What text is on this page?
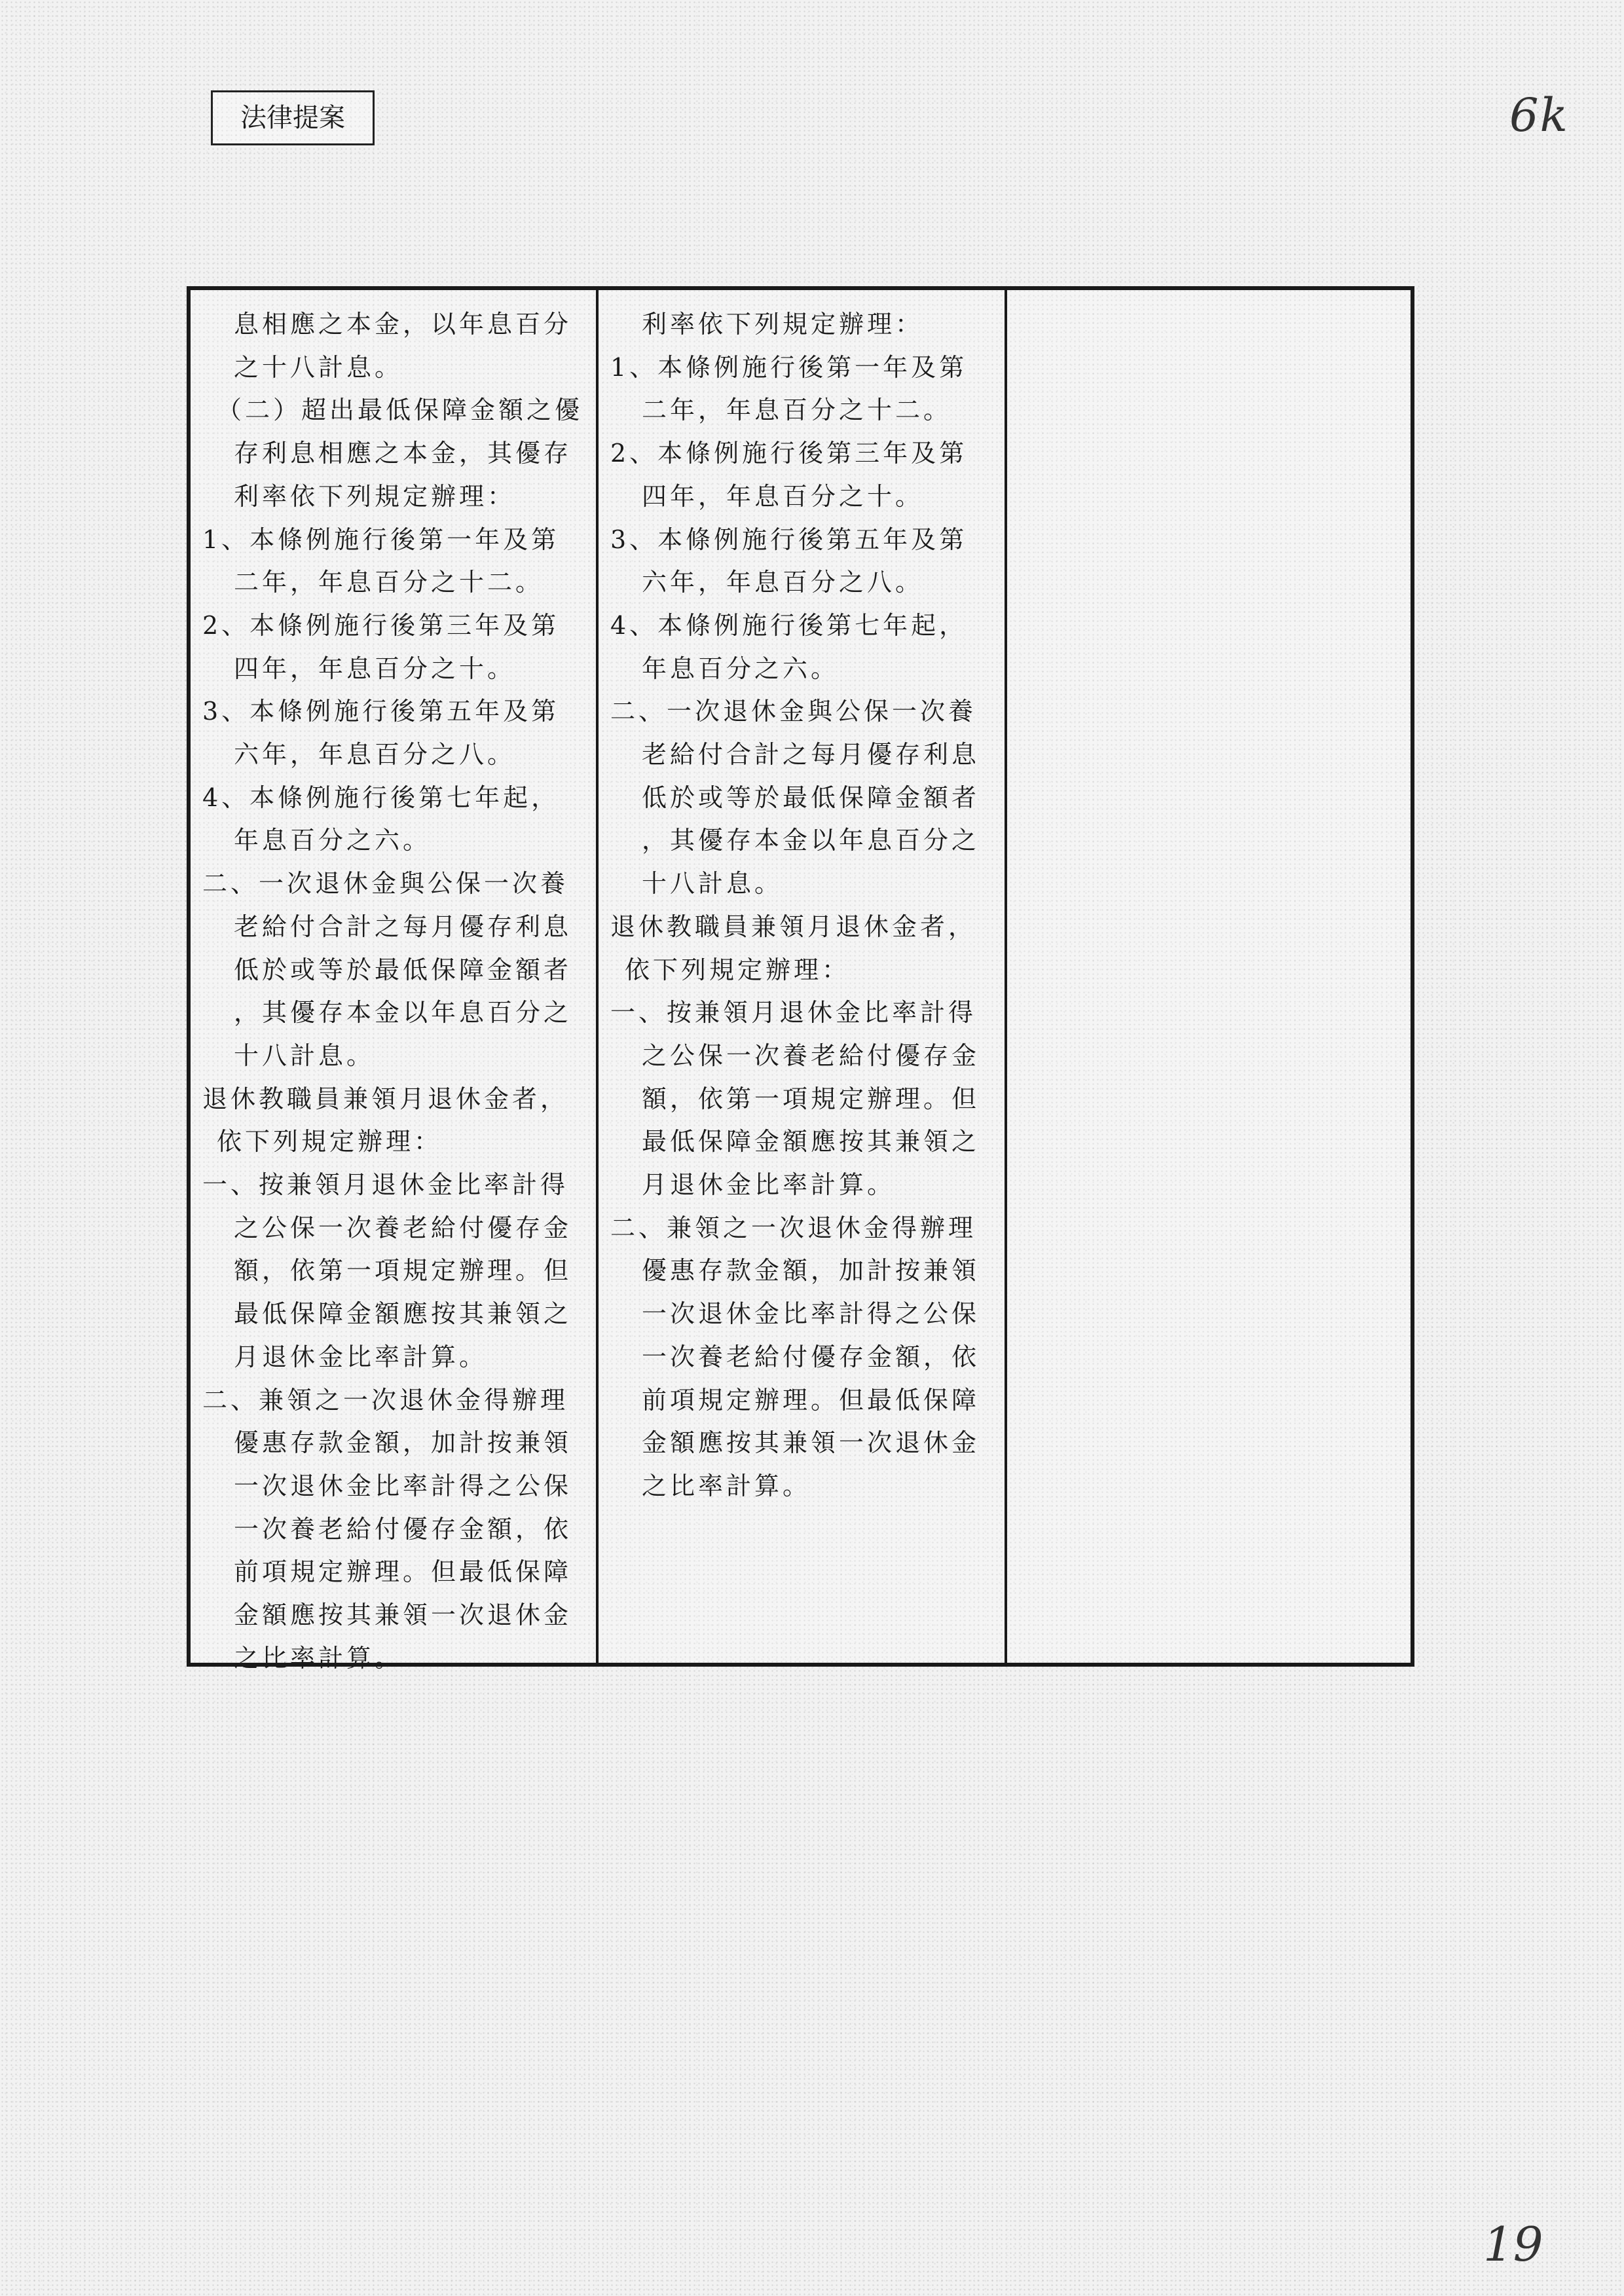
法律提案	6k
息相應之本金，以年息百分
之十八計息。
（二）超出最低保障金額之優
存利息相應之本金，其優存
利率依下列規定辦理：
1、本條例施行後第一年及第
二年，年息百分之十二。
2、本條例施行後第三年及第
四年，年息百分之十。
3、本條例施行後第五年及第
六年，年息百分之八。
4、本條例施行後第七年起，
年息百分之六。
二、一次退休金與公保一次養
老給付合計之每月優存利息
低於或等於最低保障金額者
，其優存本金以年息百分之
十八計息。
退休教職員兼領月退休金者，
依下列規定辦理：
一、按兼領月退休金比率計得
之公保一次養老給付優存金
額，依第一項規定辦理。但
最低保障金額應按其兼領之
月退休金比率計算。
二、兼領之一次退休金得辦理
優惠存款金額，加計按兼領
一次退休金比率計得之公保
一次養老給付優存金額，依
前項規定辦理。但最低保障
金額應按其兼領一次退休金
之比率計算。
利率依下列規定辦理：
1、本條例施行後第一年及第
二年，年息百分之十二。
2、本條例施行後第三年及第
四年，年息百分之十。
3、本條例施行後第五年及第
六年，年息百分之八。
4、本條例施行後第七年起，
年息百分之六。
二、一次退休金與公保一次養
老給付合計之每月優存利息
低於或等於最低保障金額者
，其優存本金以年息百分之
十八計息。
退休教職員兼領月退休金者，
依下列規定辦理：
一、按兼領月退休金比率計得
之公保一次養老給付優存金
額，依第一項規定辦理。但
最低保障金額應按其兼領之
月退休金比率計算。
二、兼領之一次退休金得辦理
優惠存款金額，加計按兼領
一次退休金比率計得之公保
一次養老給付優存金額，依
前項規定辦理。但最低保障
金額應按其兼領一次退休金
之比率計算。
19
